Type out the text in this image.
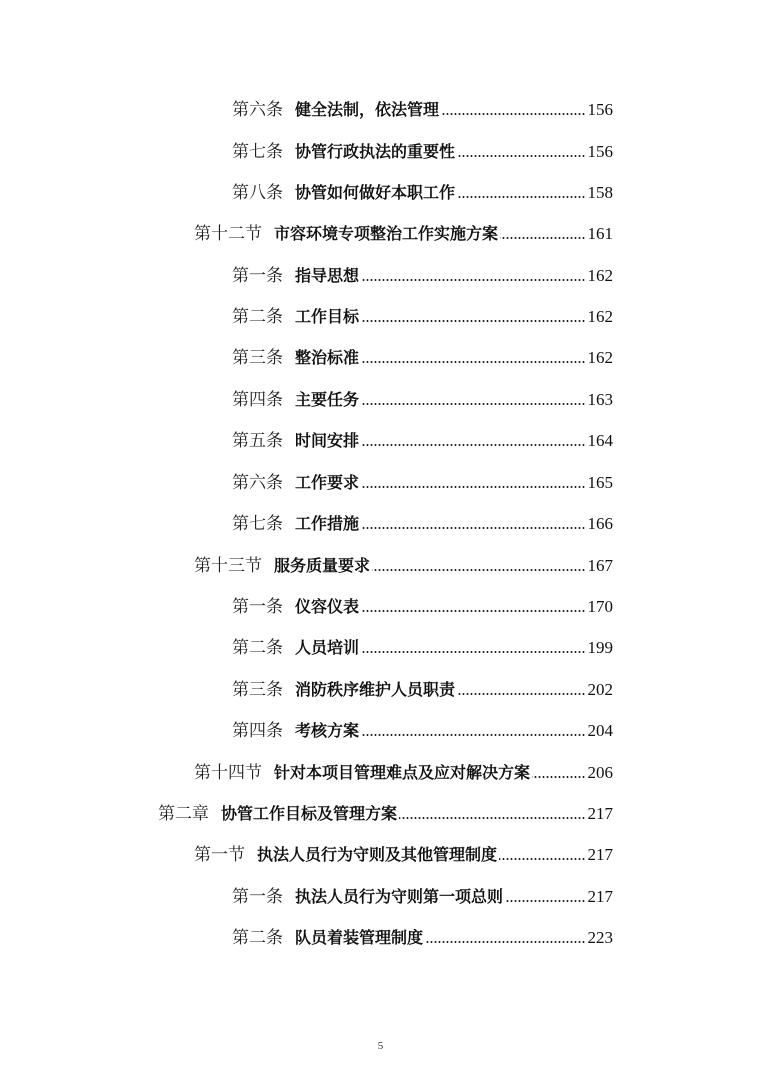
第六条 健全法制，依法管理	156
第七条 协管行政执法的重要性	156
第八条 协管如何做好本职工作	158
第十二节 市容环境专项整治工作实施方案	161
第一条 指导思想	162
第二条 工作目标	162
第三条 整治标准	162
第四条 主要任务	163
第五条 时间安排	164
第六条 工作要求	165
第七条 工作措施	166
第十三节 服务质量要求	167
第一条 仪容仪表	170
第二条 人员培训	199
第三条 消防秩序维护人员职责	202
第四条 考核方案	204
第十四节 针对本项目管理难点及应对解决方案	206
第二章 协管工作目标及管理方案	217
第一节 执法人员行为守则及其他管理制度	217
第一条 执法人员行为守则第一项总则	217
第二条 队员着装管理制度	223
5
